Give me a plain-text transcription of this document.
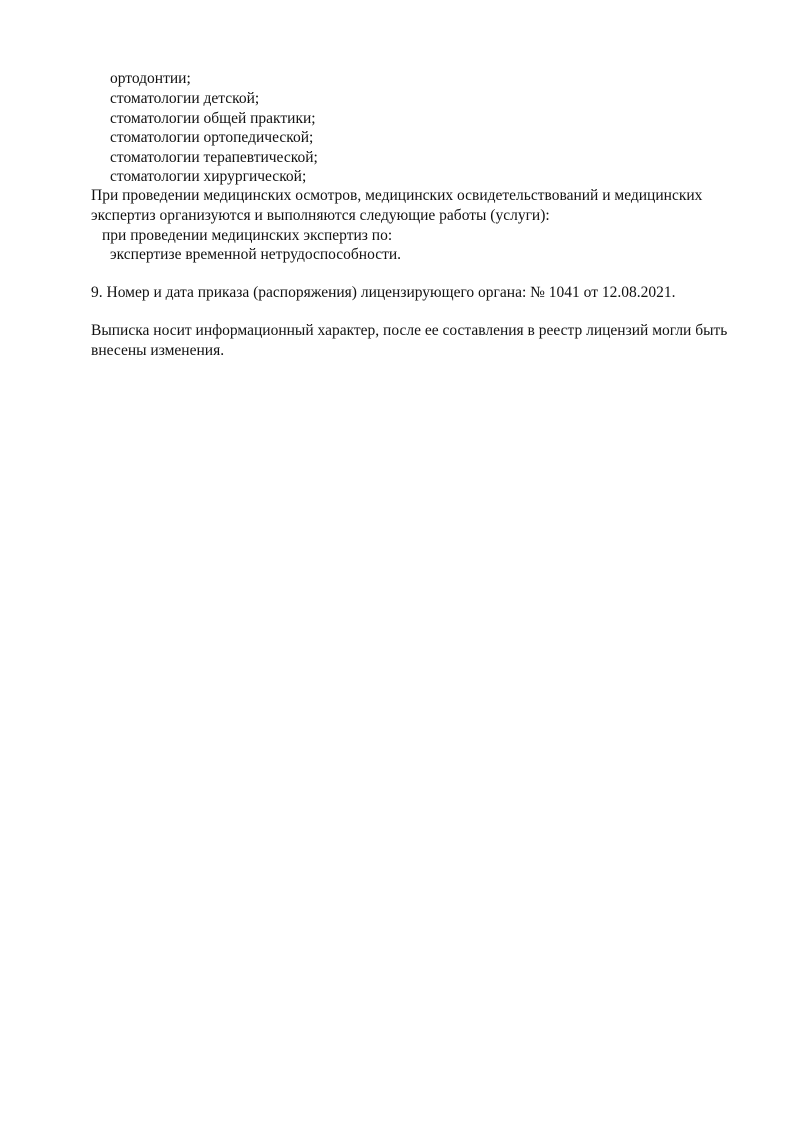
ортодонтии;
стоматологии детской;
стоматологии общей практики;
стоматологии ортопедической;
стоматологии терапевтической;
стоматологии хирургической;
При проведении медицинских осмотров, медицинских освидетельствований и медицинских
экспертиз организуются и выполняются следующие работы (услуги):
при проведении медицинских экспертиз по:
экспертизе временной нетрудоспособности.
9. Номер и дата приказа (распоряжения) лицензирующего органа: № 1041 от 12.08.2021.
Выписка носит информационный характер, после ее составления в реестр лицензий могли быть
внесены изменения.
